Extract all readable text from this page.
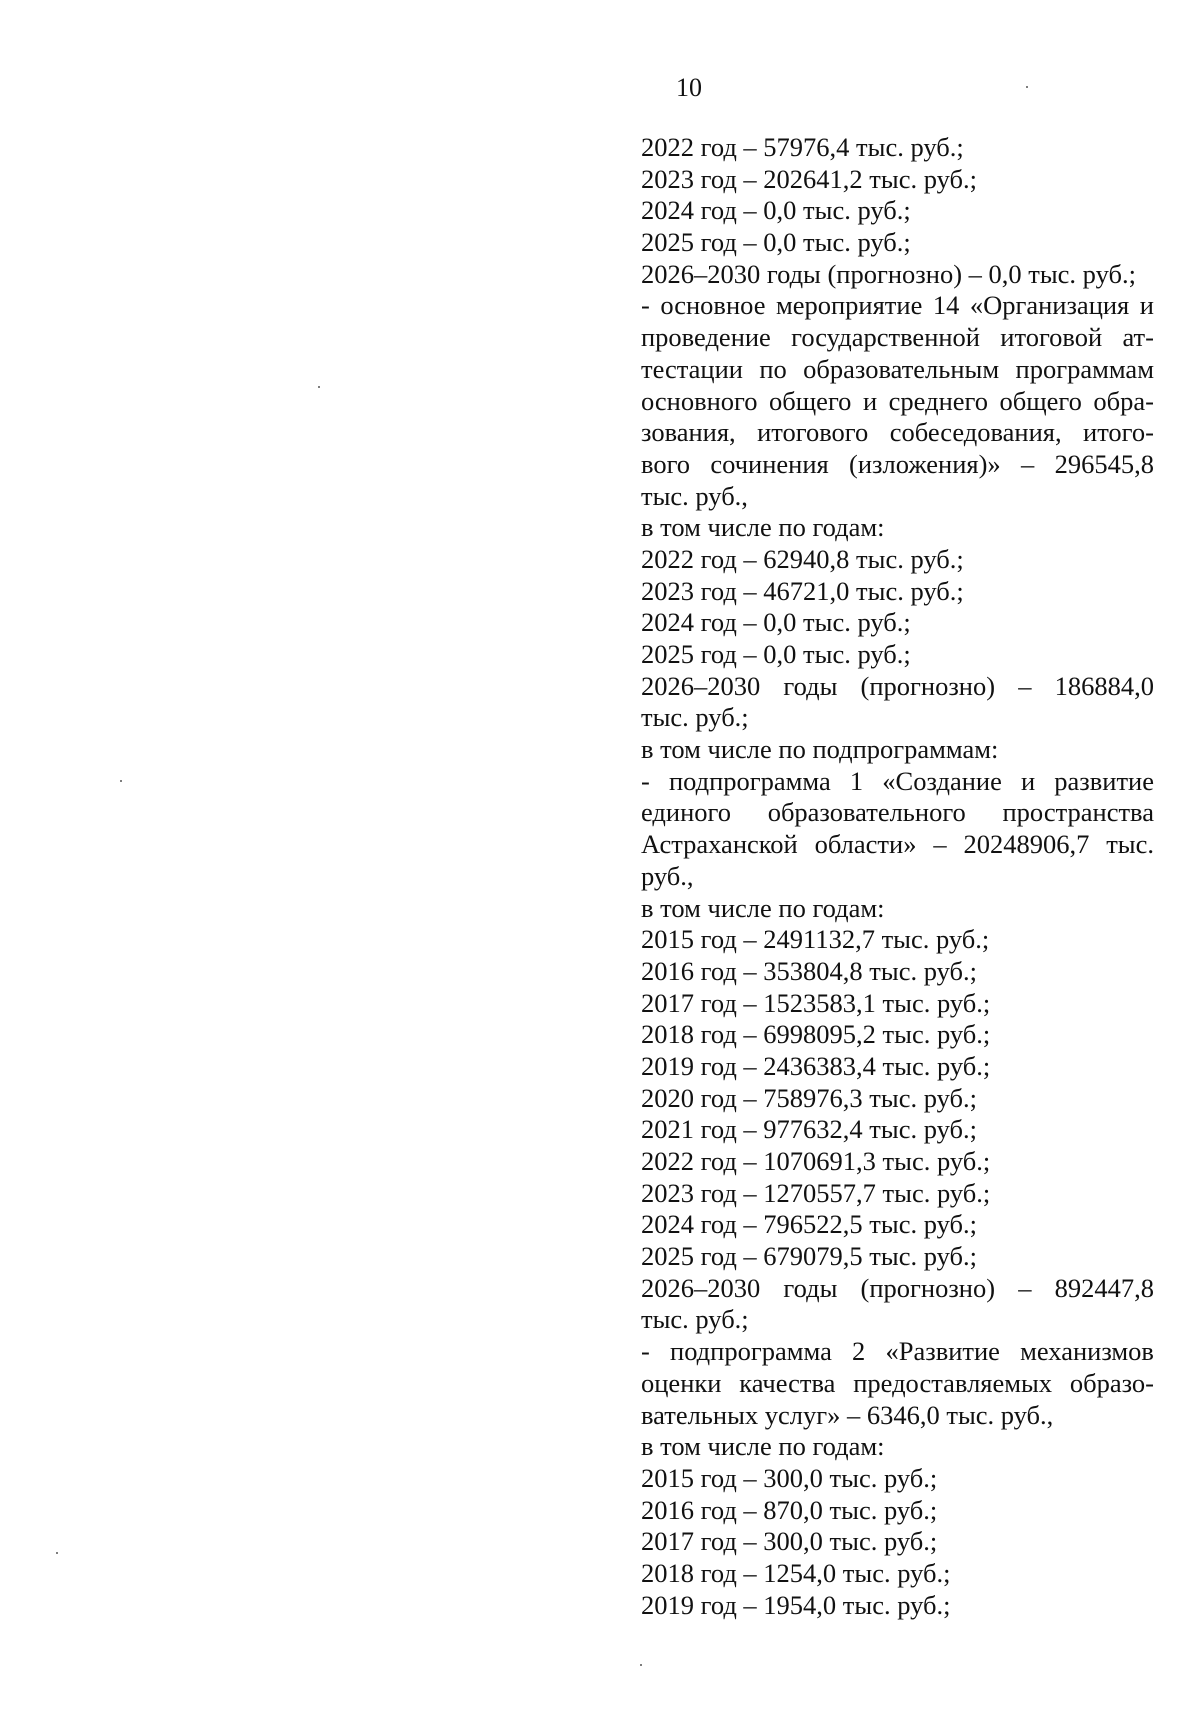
10
2022 год – 57976,4 тыс. руб.;
2023 год – 202641,2 тыс. руб.;
2024 год – 0,0 тыс. руб.;
2025 год – 0,0 тыс. руб.;
2026–2030 годы (прогнозно) – 0,0 тыс. руб.;
- основное мероприятие 14 «Организация и
проведение государственной итоговой ат-
тестации по образовательным программам
основного общего и среднего общего обра-
зования, итогового собеседования, итого-
вого сочинения (изложения)» – 296545,8
тыс. руб.,
в том числе по годам:
2022 год – 62940,8 тыс. руб.;
2023 год – 46721,0 тыс. руб.;
2024 год – 0,0 тыс. руб.;
2025 год – 0,0 тыс. руб.;
2026–2030 годы (прогнозно) – 186884,0
тыс. руб.;
в том числе по подпрограммам:
- подпрограмма 1 «Создание и развитие
единого образовательного пространства
Астраханской области» – 20248906,7 тыс.
руб.,
в том числе по годам:
2015 год – 2491132,7 тыс. руб.;
2016 год – 353804,8 тыс. руб.;
2017 год – 1523583,1 тыс. руб.;
2018 год – 6998095,2 тыс. руб.;
2019 год – 2436383,4 тыс. руб.;
2020 год – 758976,3 тыс. руб.;
2021 год – 977632,4 тыс. руб.;
2022 год – 1070691,3 тыс. руб.;
2023 год – 1270557,7 тыс. руб.;
2024 год – 796522,5 тыс. руб.;
2025 год – 679079,5 тыс. руб.;
2026–2030 годы (прогнозно) – 892447,8
тыс. руб.;
- подпрограмма 2 «Развитие механизмов
оценки качества предоставляемых образо-
вательных услуг» – 6346,0 тыс. руб.,
в том числе по годам:
2015 год – 300,0 тыс. руб.;
2016 год – 870,0 тыс. руб.;
2017 год – 300,0 тыс. руб.;
2018 год – 1254,0 тыс. руб.;
2019 год – 1954,0 тыс. руб.;
